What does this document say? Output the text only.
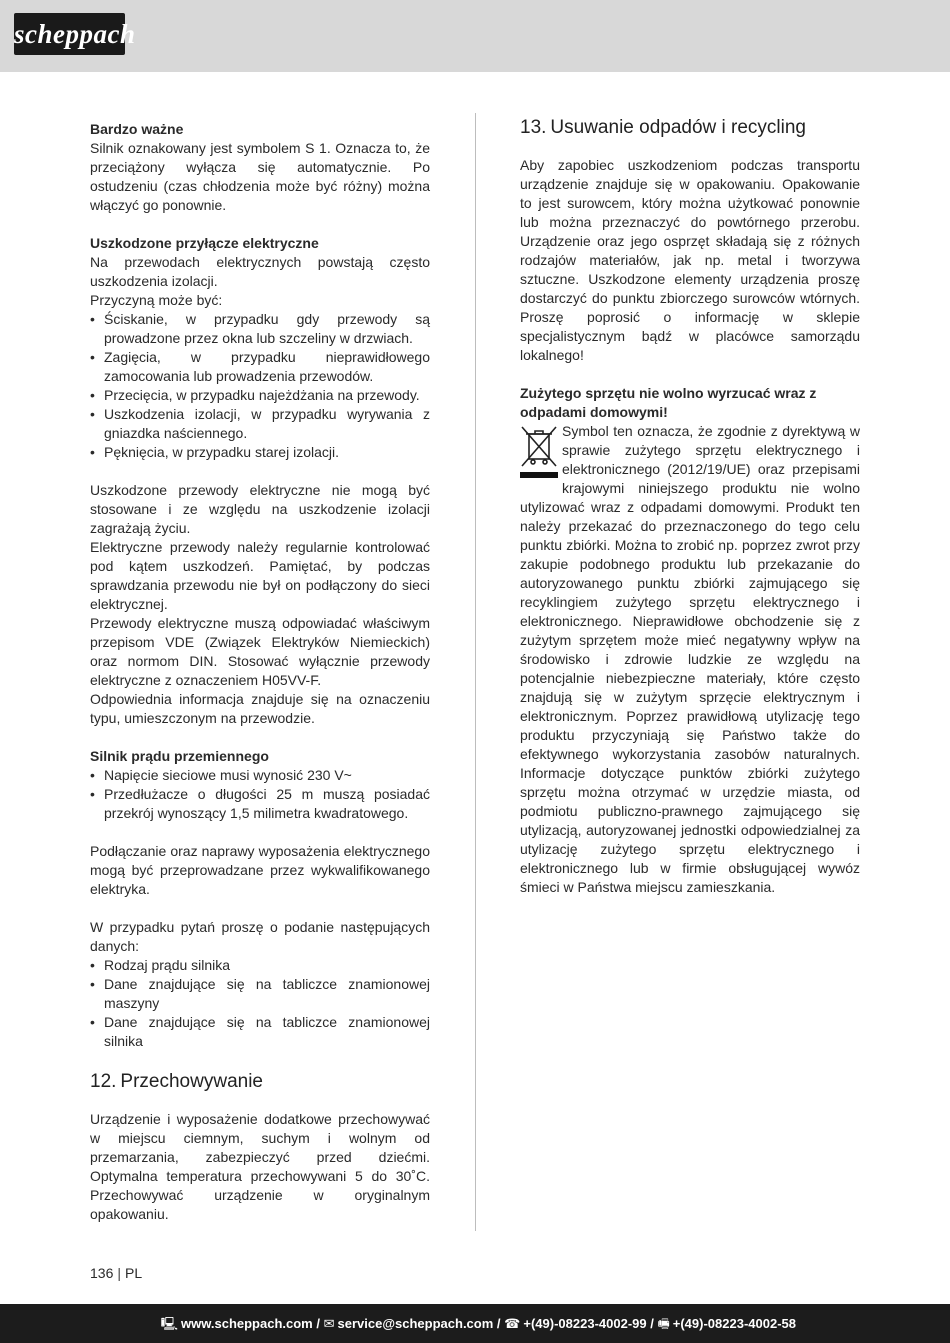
scheppach

Bardzo ważne

Silnik oznakowany jest symbolem S 1. Oznacza to, że przeciążony wyłącza się automatycznie. Po ostudzeniu (czas chłodzenia może być różny) można włączyć go ponownie.

Uszkodzone przyłącze elektryczne

Na przewodach elektrycznych powstają często uszkodzenia izolacji.

Przyczyną może być:

• Ściskanie, w przypadku gdy przewody są prowadzone przez okna lub szczeliny w drzwiach.
• Zagięcia, w przypadku nieprawidłowego zamocowania lub prowadzenia przewodów.
• Przecięcia, w przypadku najeżdżania na przewody.
• Uszkodzenia izolacji, w przypadku wyrywania z gniazdka naściennego.
• Pęknięcia, w przypadku starej izolacji.

Uszkodzone przewody elektryczne nie mogą być stosowane i ze względu na uszkodzenie izolacji zagrażają życiu.

Elektryczne przewody należy regularnie kontrolować pod kątem uszkodzeń. Pamiętać, by podczas sprawdzania przewodu nie był on podłączony do sieci elektrycznej.

Przewody elektryczne muszą odpowiadać właściwym przepisom VDE (Związek Elektryków Niemieckich) oraz normom DIN. Stosować wyłącznie przewody elektryczne z oznaczeniem H05VV-F.

Odpowiednia informacja znajduje się na oznaczeniu typu, umieszczonym na przewodzie.

Silnik prądu przemiennego

• Napięcie sieciowe musi wynosić 230 V~
• Przedłużacze o długości 25 m muszą posiadać przekrój wynoszący 1,5 milimetra kwadratowego.

Podłączanie oraz naprawy wyposażenia elektrycznego mogą być przeprowadzane przez wykwalifikowanego elektryka.

W przypadku pytań proszę o podanie następujących danych:

• Rodzaj prądu silnika
• Dane znajdujące się na tabliczce znamionowej maszyny
• Dane znajdujące się na tabliczce znamionowej silnika
12. Przechowywanie

Urządzenie i wyposażenie dodatkowe przechowywać w miejscu ciemnym, suchym i wolnym od przemarzania, zabezpieczyć przed dziećmi. Optymalna temperatura przechowywani 5 do 30˚C. Przechowywać urządzenie w oryginalnym opakowaniu.

13. Usuwanie odpadów i recycling

Aby zapobiec uszkodzeniom podczas transportu urządzenie znajduje się w opakowaniu. Opakowanie to jest surowcem, który można użytkować ponownie lub można przeznaczyć do powtórnego przerobu. Urządzenie oraz jego osprzęt składają się z różnych rodzajów materiałów, jak np. metal i tworzywa sztuczne. Uszkodzone elementy urządzenia proszę dostarczyć do punktu zbiorczego surowców wtórnych. Proszę poprosić o informację w sklepie specjalistycznym bądź w placówce samorządu lokalnego!

Zużytego sprzętu nie wolno wyrzucać wraz z odpadami domowymi!

Symbol ten oznacza, że zgodnie z dyrektywą w sprawie zużytego sprzętu elektrycznego i elektronicznego (2012/19/UE) oraz przepisami krajowymi niniejszego produktu nie wolno utylizować wraz z odpadami domowymi. Produkt ten należy przekazać do przeznaczonego do tego celu punktu zbiórki. Można to zrobić np. poprzez zwrot przy zakupie podobnego produktu lub przekazanie do autoryzowanego punktu zbiórki zajmującego się recyklingiem zużytego sprzętu elektrycznego i elektronicznego. Nieprawidłowe obchodzenie się z zużytym sprzętem może mieć negatywny wpływ na środowisko i zdrowie ludzkie ze względu na potencjalnie niebezpieczne materiały, które często znajdują się w zużytym sprzęcie elektrycznym i elektronicznym. Poprzez prawidłową utylizację tego produktu przyczyniają się Państwo także do efektywnego wykorzystania zasobów naturalnych. Informacje dotyczące punktów zbiórki zużytego sprzętu można otrzymać w urzędzie miasta, od podmiotu publiczno-prawnego zajmującego się utylizacją, autoryzowanej jednostki odpowiedzialnej za utylizację zużytego sprzętu elektrycznego i elektronicznego lub w firmie obsługującej wywóz śmieci w Państwa miejscu zamieszkania.

136 | PL
🖳 www.scheppach.com / ✉ service@scheppach.com / ☎ +(49)-08223-4002-99 / 🖷 +(49)-08223-4002-58
